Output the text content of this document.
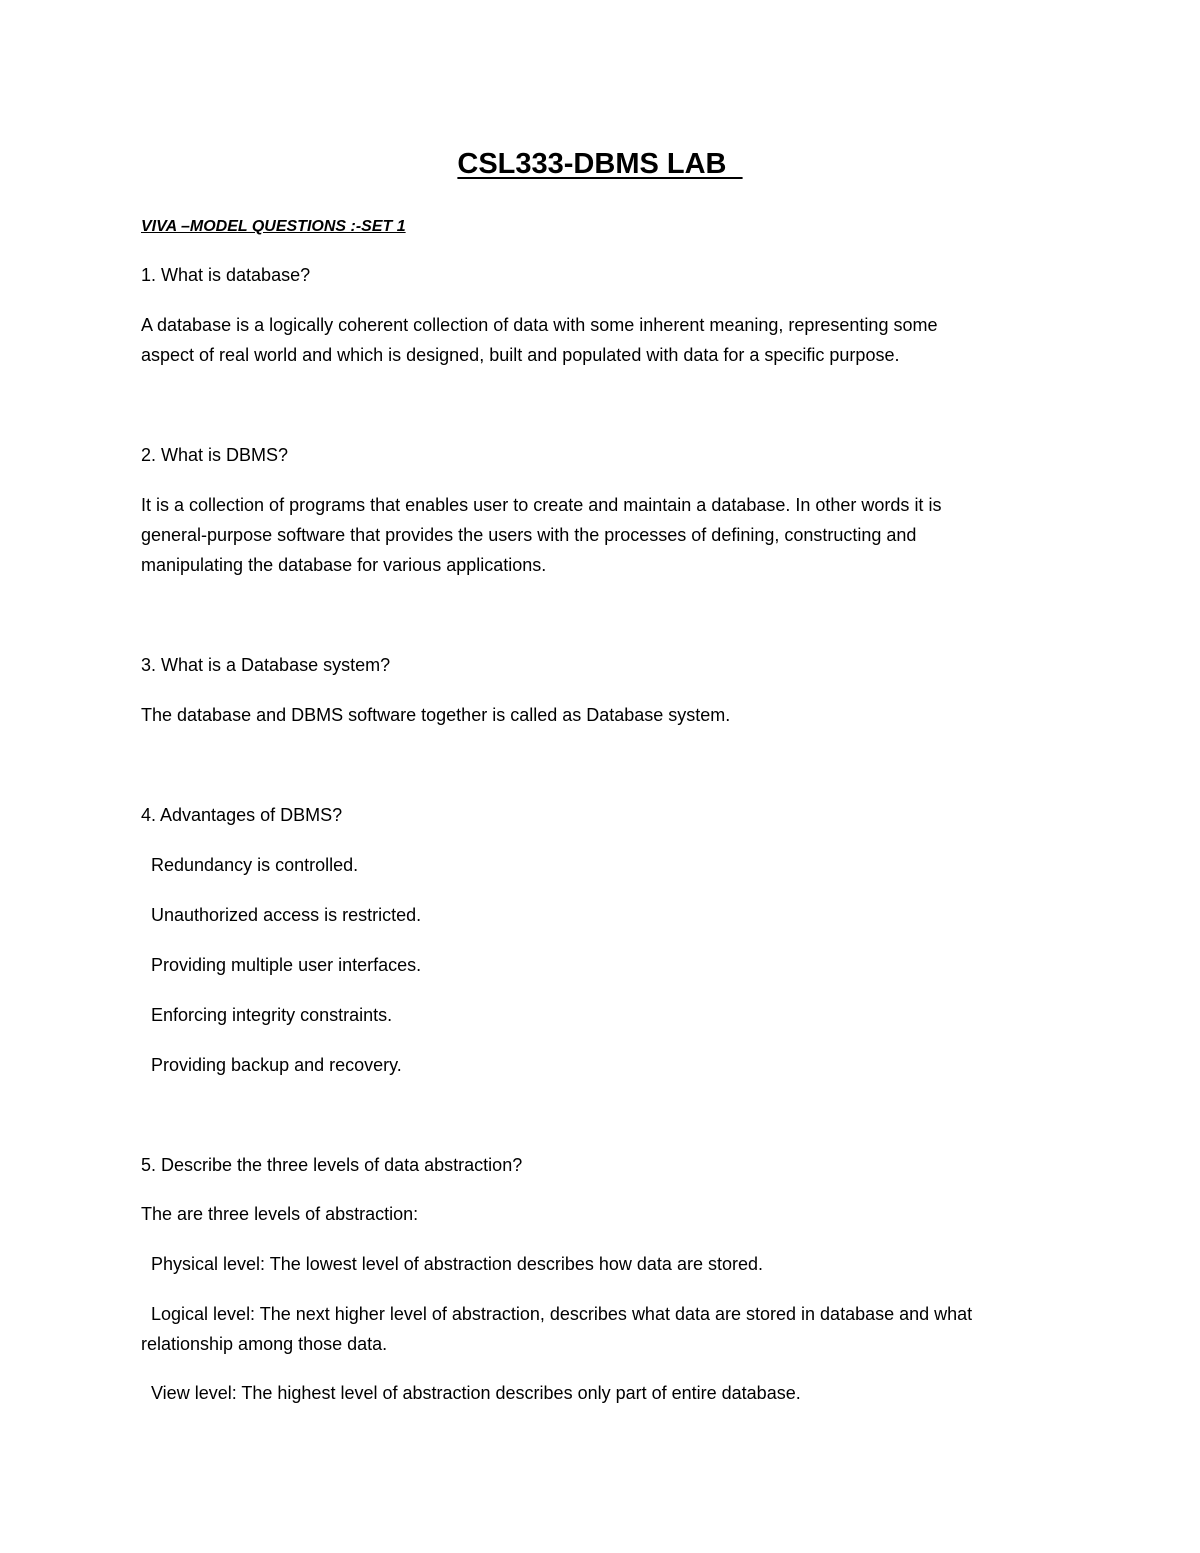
CSL333-DBMS LAB
VIVA –MODEL QUESTIONS :-SET 1
1. What is database?
A database is a logically coherent collection of data with some inherent meaning, representing some
aspect of real world and which is designed, built and populated with data for a specific purpose.
2. What is DBMS?
It is a collection of programs that enables user to create and maintain a database. In other words it is
general-purpose software that provides the users with the processes of defining, constructing and
manipulating the database for various applications.
3. What is a Database system?
The database and DBMS software together is called as Database system.
4. Advantages of DBMS?
Redundancy is controlled.
Unauthorized access is restricted.
Providing multiple user interfaces.
Enforcing integrity constraints.
Providing backup and recovery.
5. Describe the three levels of data abstraction?
The are three levels of abstraction:
Physical level: The lowest level of abstraction describes how data are stored.
Logical level: The next higher level of abstraction, describes what data are stored in database and what
relationship among those data.
View level: The highest level of abstraction describes only part of entire database.
